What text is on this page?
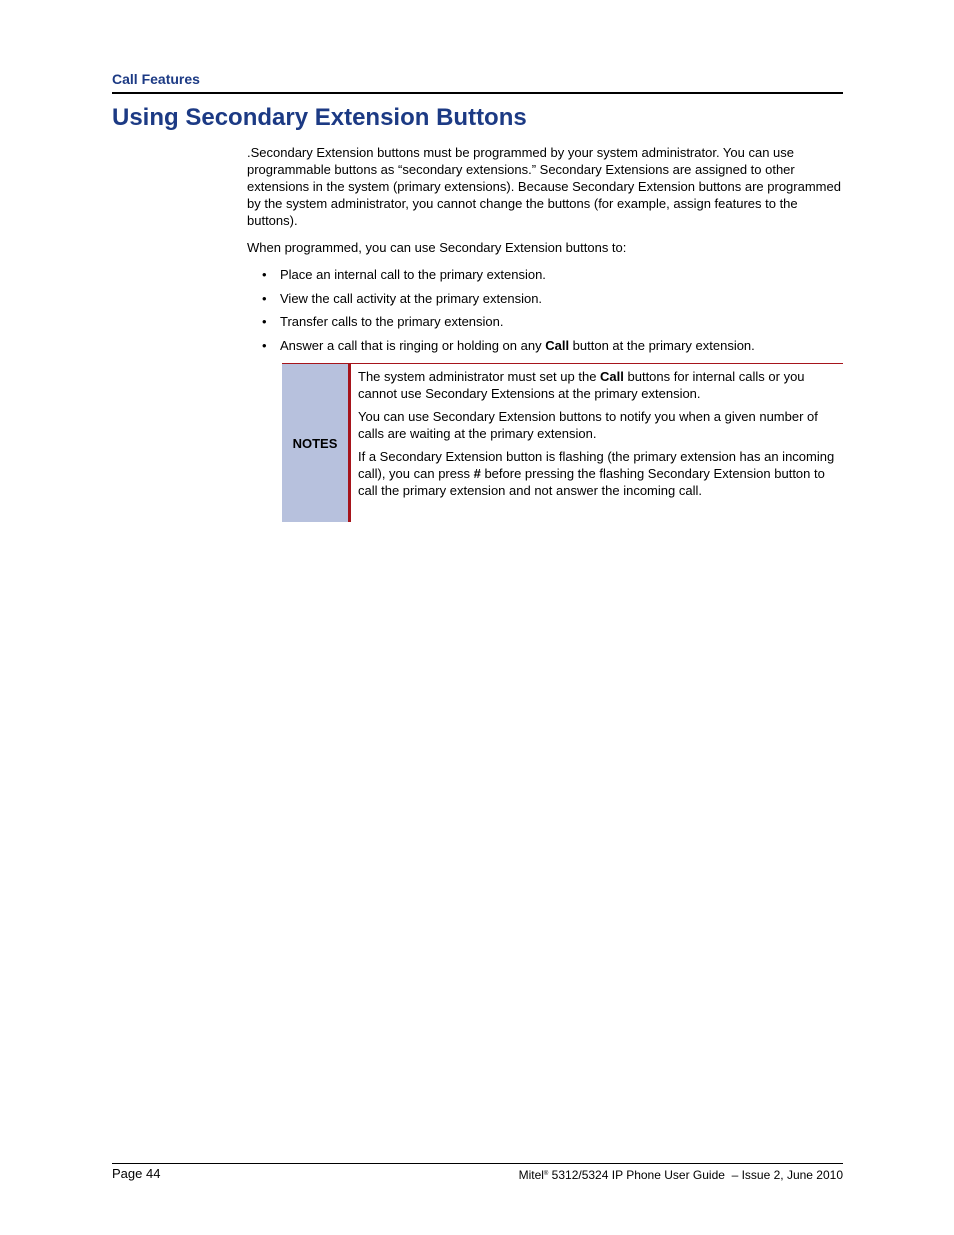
Call Features
Using Secondary Extension Buttons

.Secondary Extension buttons must be programmed by your system administrator. You can use programmable buttons as “secondary extensions.” Secondary Extensions are assigned to other extensions in the system (primary extensions). Because Secondary Extension buttons are programmed by the system administrator, you cannot change the buttons (for example, assign features to the buttons).

When programmed, you can use Secondary Extension buttons to:

• Place an internal call to the primary extension.
• View the call activity at the primary extension.
• Transfer calls to the primary extension.
• Answer a call that is ringing or holding on any Call button at the primary extension.
NOTES

The system administrator must set up the Call buttons for internal calls or you cannot use Secondary Extensions at the primary extension.

You can use Secondary Extension buttons to notify you when a given number of calls are waiting at the primary extension.

If a Secondary Extension button is flashing (the primary extension has an incoming call), you can press # before pressing the flashing Secondary Extension button to call the primary extension and not answer the incoming call.

Page 44	Mitel® 5312/5324 IP Phone User Guide  – Issue 2, June 2010
